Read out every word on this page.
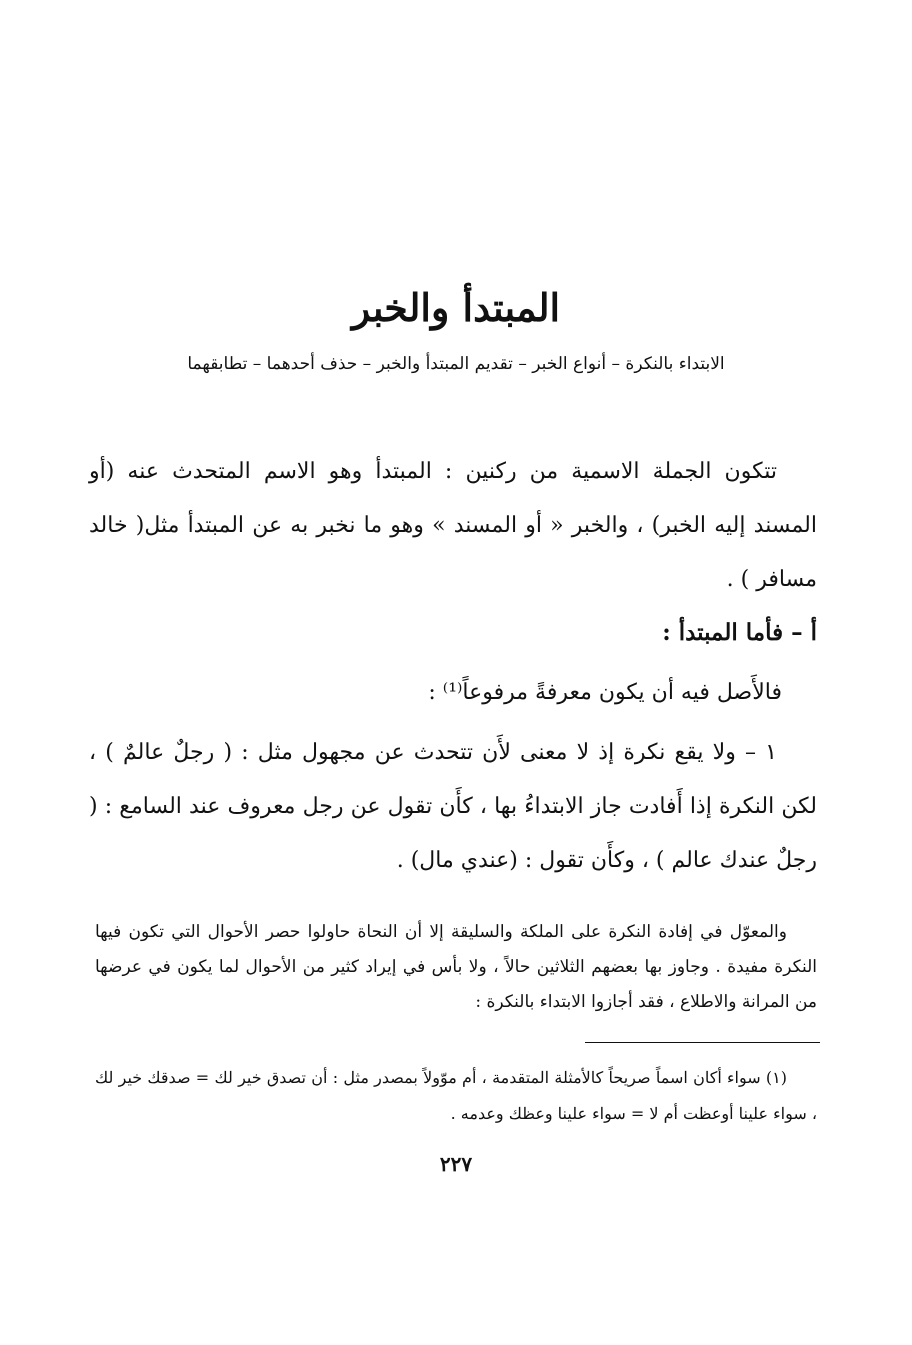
المبتدأ والخبر
الابتداء بالنكرة – أنواع الخبر – تقديم المبتدأ والخبر – حذف أحدهما – تطابقهما
تتكون الجملة الاسمية من ركنين : المبتدأ وهو الاسم المتحدث عنه (أو المسند إليه الخبر) ، والخبر « أو المسند » وهو ما نخبر به عن المبتدأ مثل( خالد مسافر ) .
أ – فأما المبتدأ :
فالأَصل فيه أن يكون معرفةً مرفوعاً⁽¹⁾ :
١ – ولا يقع نكرة إذ لا معنى لأَن تتحدث عن مجهول مثل : ( رجلٌ عالمٌ ) ، لكن النكرة إذا أَفادت جاز الابتداءُ بها ، كأَن تقول عن رجل معروف عند السامع : ( رجلٌ عندك عالم ) ، وكأَن تقول : (عندي مال) .
والمعوّل في إفادة النكرة على الملكة والسليقة إلا أن النحاة حاولوا حصر الأحوال التي تكون فيها النكرة مفيدة . وجاوز بها بعضهم الثلاثين حالاً ، ولا بأس في إيراد كثير من الأحوال لما يكون في عرضها من المرانة والاطلاع ، فقد أجازوا الابتداء بالنكرة :
(١) سواء أكان اسماً صريحاً كالأمثلة المتقدمة ، أم موّولاً بمصدر مثل : أن تصدق خير لك = صدقك خير لك ، سواء علينا أوعظت أم لا = سواء علينا وعظك وعدمه .
٢٢٧
